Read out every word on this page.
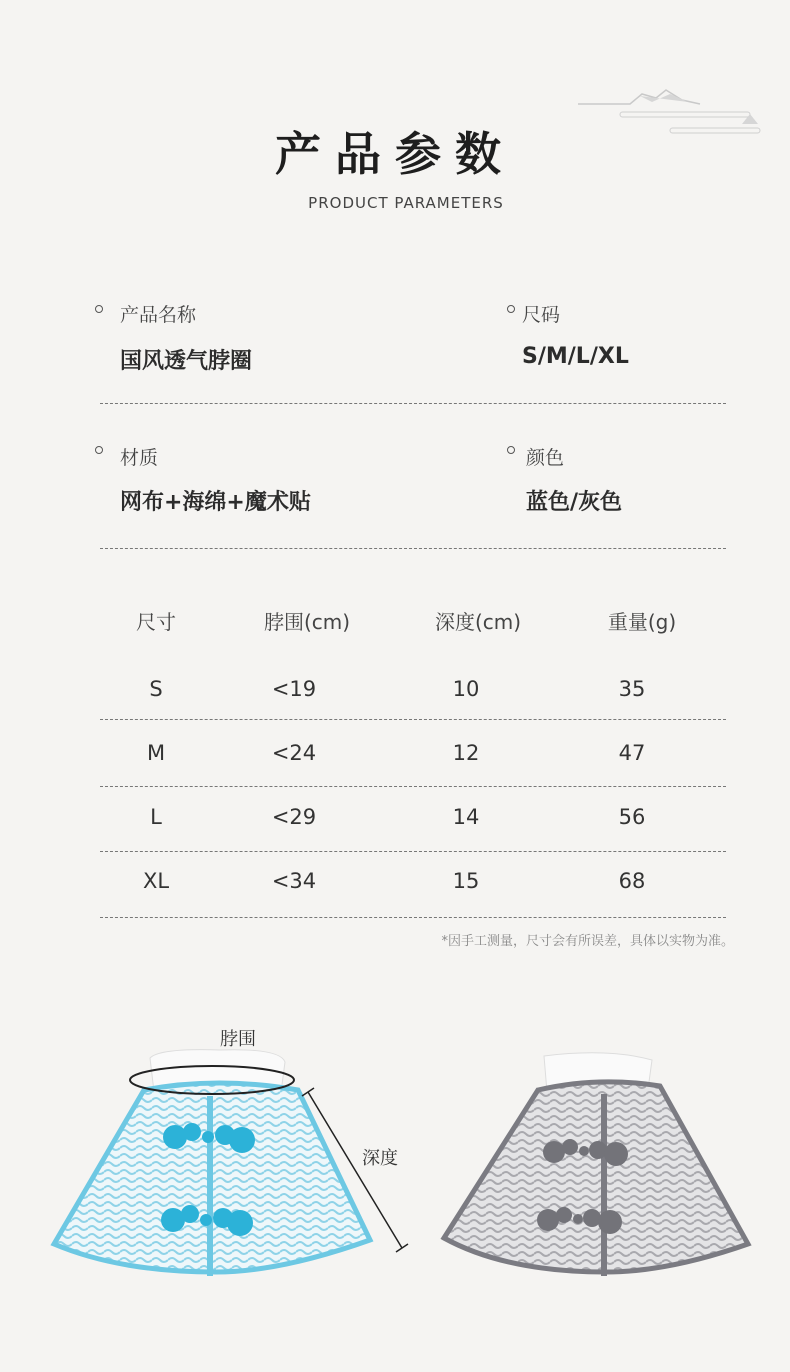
产品参数
PRODUCT PARAMETERS
产品名称
国风透气脖圈
尺码
S/M/L/XL
材质
网布+海绵+魔术贴
颜色
蓝色/灰色
尺寸	脖围(cm)	深度(cm)	重量(g)
S	<19	10	35
M	<24	12	47
L	<29	14	56
XL	<34	15	68
*因手工测量，尺寸会有所误差，具体以实物为准。
脖围
深度
